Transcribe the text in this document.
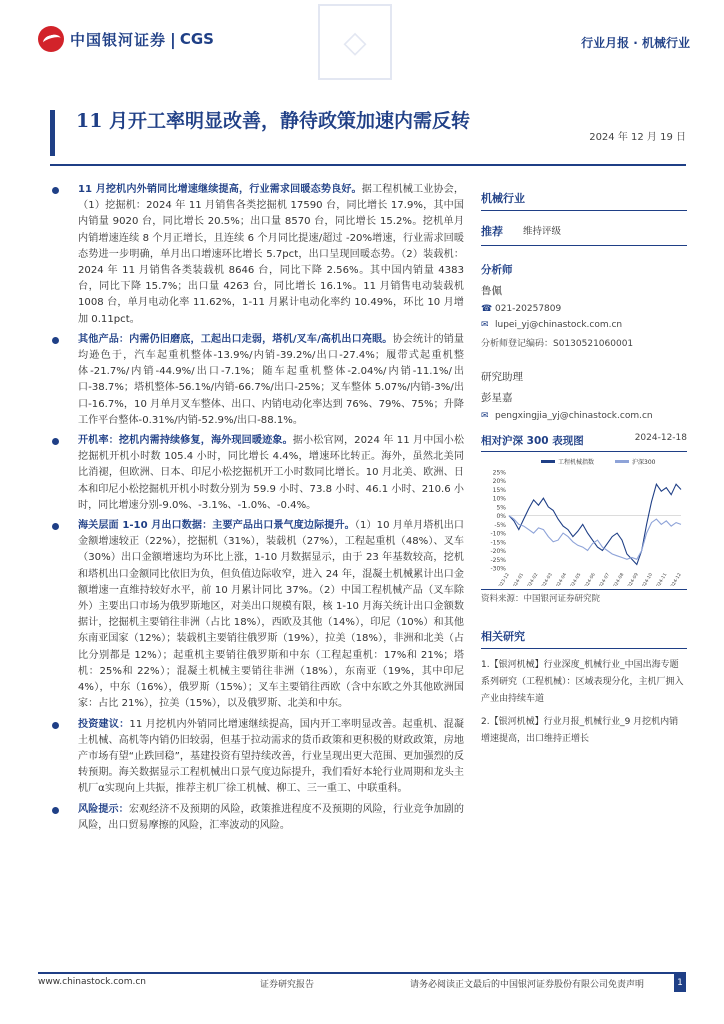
中国银河证券 | CGS	◇	行业月报 · 机械行业
11 月开工率明显改善，静待政策加速内需反转
2024 年 12 月 19 日
11 月挖机内外销同比增速继续提高，行业需求回暖态势良好。据工程机械工业协会，（1）挖掘机：2024 年 11 月销售各类挖掘机 17590 台，同比增长 17.9%，其中国内销量 9020 台，同比增长 20.5%；出口量 8570 台，同比增长 15.2%。挖机单月内销增速连续 8 个月正增长，且连续 6 个月同比提速/超过 -20%增速，行业需求回暖态势进一步明确，单月出口增速环比增长 5.7pct，出口呈现回暖态势。（2）装载机：2024 年 11 月销售各类装载机 8646 台，同比下降 2.56%。其中国内销量 4383 台，同比下降 15.7%；出口量 4263 台，同比增长 16.1%。11 月销售电动装载机 1008 台，单月电动化率 11.62%，1-11 月累计电动化率约 10.49%，环比 10 月增加 0.11pct。
其他产品：内需仍旧磨底，工起出口走弱，塔机/叉车/高机出口亮眼。协会统计的销量均逊色于，汽车起重机整体-13.9%/内销-39.2%/出口-27.4%；履带式起重机整体-21.7%/内销-44.9%/出口-7.1%；随车起重机整体-2.04%/内销-11.1%/出口-38.7%；塔机整体-56.1%/内销-66.7%/出口-25%；叉车整体 5.07%/内销-3%/出口-16.7%，10 月单月叉车整体、出口、内销电动化率达到 76%、79%、75%；升降工作平台整体-0.31%/内销-52.9%/出口-88.1%。
开机率：挖机内需持续修复，海外现回暖迹象。据小松官网，2024 年 11 月中国小松挖掘机开机小时数 105.4 小时，同比增长 4.4%，增速环比转正。海外，虽然北美同比消褪，但欧洲、日本、印尼小松挖掘机开工小时数同比增长。10 月北美、欧洲、日本和印尼小松挖掘机开机小时数分别为 59.9 小时、73.8 小时、46.1 小时、210.6 小时，同比增速分别-9.0%、-3.1%、-1.0%、-0.4%。
海关层面 1-10 月出口数据：主要产品出口景气度边际提升。（1）10 月单月塔机出口金额增速较正（22%），挖掘机（31%），装载机（27%），工程起重机（48%）、叉车（30%）出口金额增速均为环比上涨，1-10 月数据显示，由于 23 年基数较高，挖机和塔机出口金额同比依旧为负，但负值边际收窄，进入 24 年，混凝土机械累计出口金额增速一直维持较好水平，前 10 月累计同比 37%。（2）中国工程机械产品（叉车除外）主要出口市场为俄罗斯地区，对美出口规模有限，核 1-10 月海关统计出口金额数据计，挖掘机主要销往非洲（占比 18%），西欧及其他（14%），印尼（10%）和其他东南亚国家（12%）；装载机主要销往俄罗斯（19%），拉美（18%），非洲和北美（占比分别都是 12%）；起重机主要销往俄罗斯和中东（工程起重机：17%和 21%；塔机：25%和 22%）；混凝土机械主要销往非洲（18%），东南亚（19%，其中印尼 4%），中东（16%），俄罗斯（15%）；叉车主要销往西欧（含中东欧之外其他欧洲国家：占比 21%），拉美（15%），以及俄罗斯、北美和中东。
投资建议：11 月挖机内外销同比增速继续提高，国内开工率明显改善。起重机、混凝土机械、高机等内销仍旧较弱，但基于拉动需求的货币政策和更积极的财政政策，房地产市场有望“止跌回稳”，基建投资有望持续改善，行业呈现出更大范围、更加强烈的反转预期。海关数据显示工程机械出口景气度边际提升，我们看好本轮行业周期和龙头主机厂α实现向上共振，推荐主机厂徐工机械、柳工、三一重工、中联重科。
风险提示：宏观经济不及预期的风险，政策推进程度不及预期的风险，行业竞争加剧的风险，出口贸易摩擦的风险，汇率波动的风险。
机械行业
推荐 维持评级
分析师
鲁佩
☎ 021-20257809
✉ lupei_yj@chinastock.com.cn
分析师登记编码：S0130521060001
研究助理
彭星嘉
✉ pengxingjia_yj@chinastock.com.cn
相对沪深 300 表现图	2024-12-18
25%
20%
15%
10%
5%
0%
-5%
-10%
-15%
-20%
-25%
-30%
2023-12 2024-01 2024-02 2024-03 2024-04 2024-05 2024-06 2024-07 2024-08 2024-09 2024-10 2024-11 2024-12
工程机械指数	沪深300
资料来源：中国银河证券研究院
相关研究
1.【银河机械】行业深度_机械行业_中国出海专题系列研究（工程机械）：区域表现分化，主机厂拥入产业由持续车道
2.【银河机械】行业月报_机械行业_9 月挖机内销增速提高，出口维持正增长
www.chinastock.com.cn	证券研究报告	请务必阅读正文最后的中国银河证券股份有限公司免责声明	1
